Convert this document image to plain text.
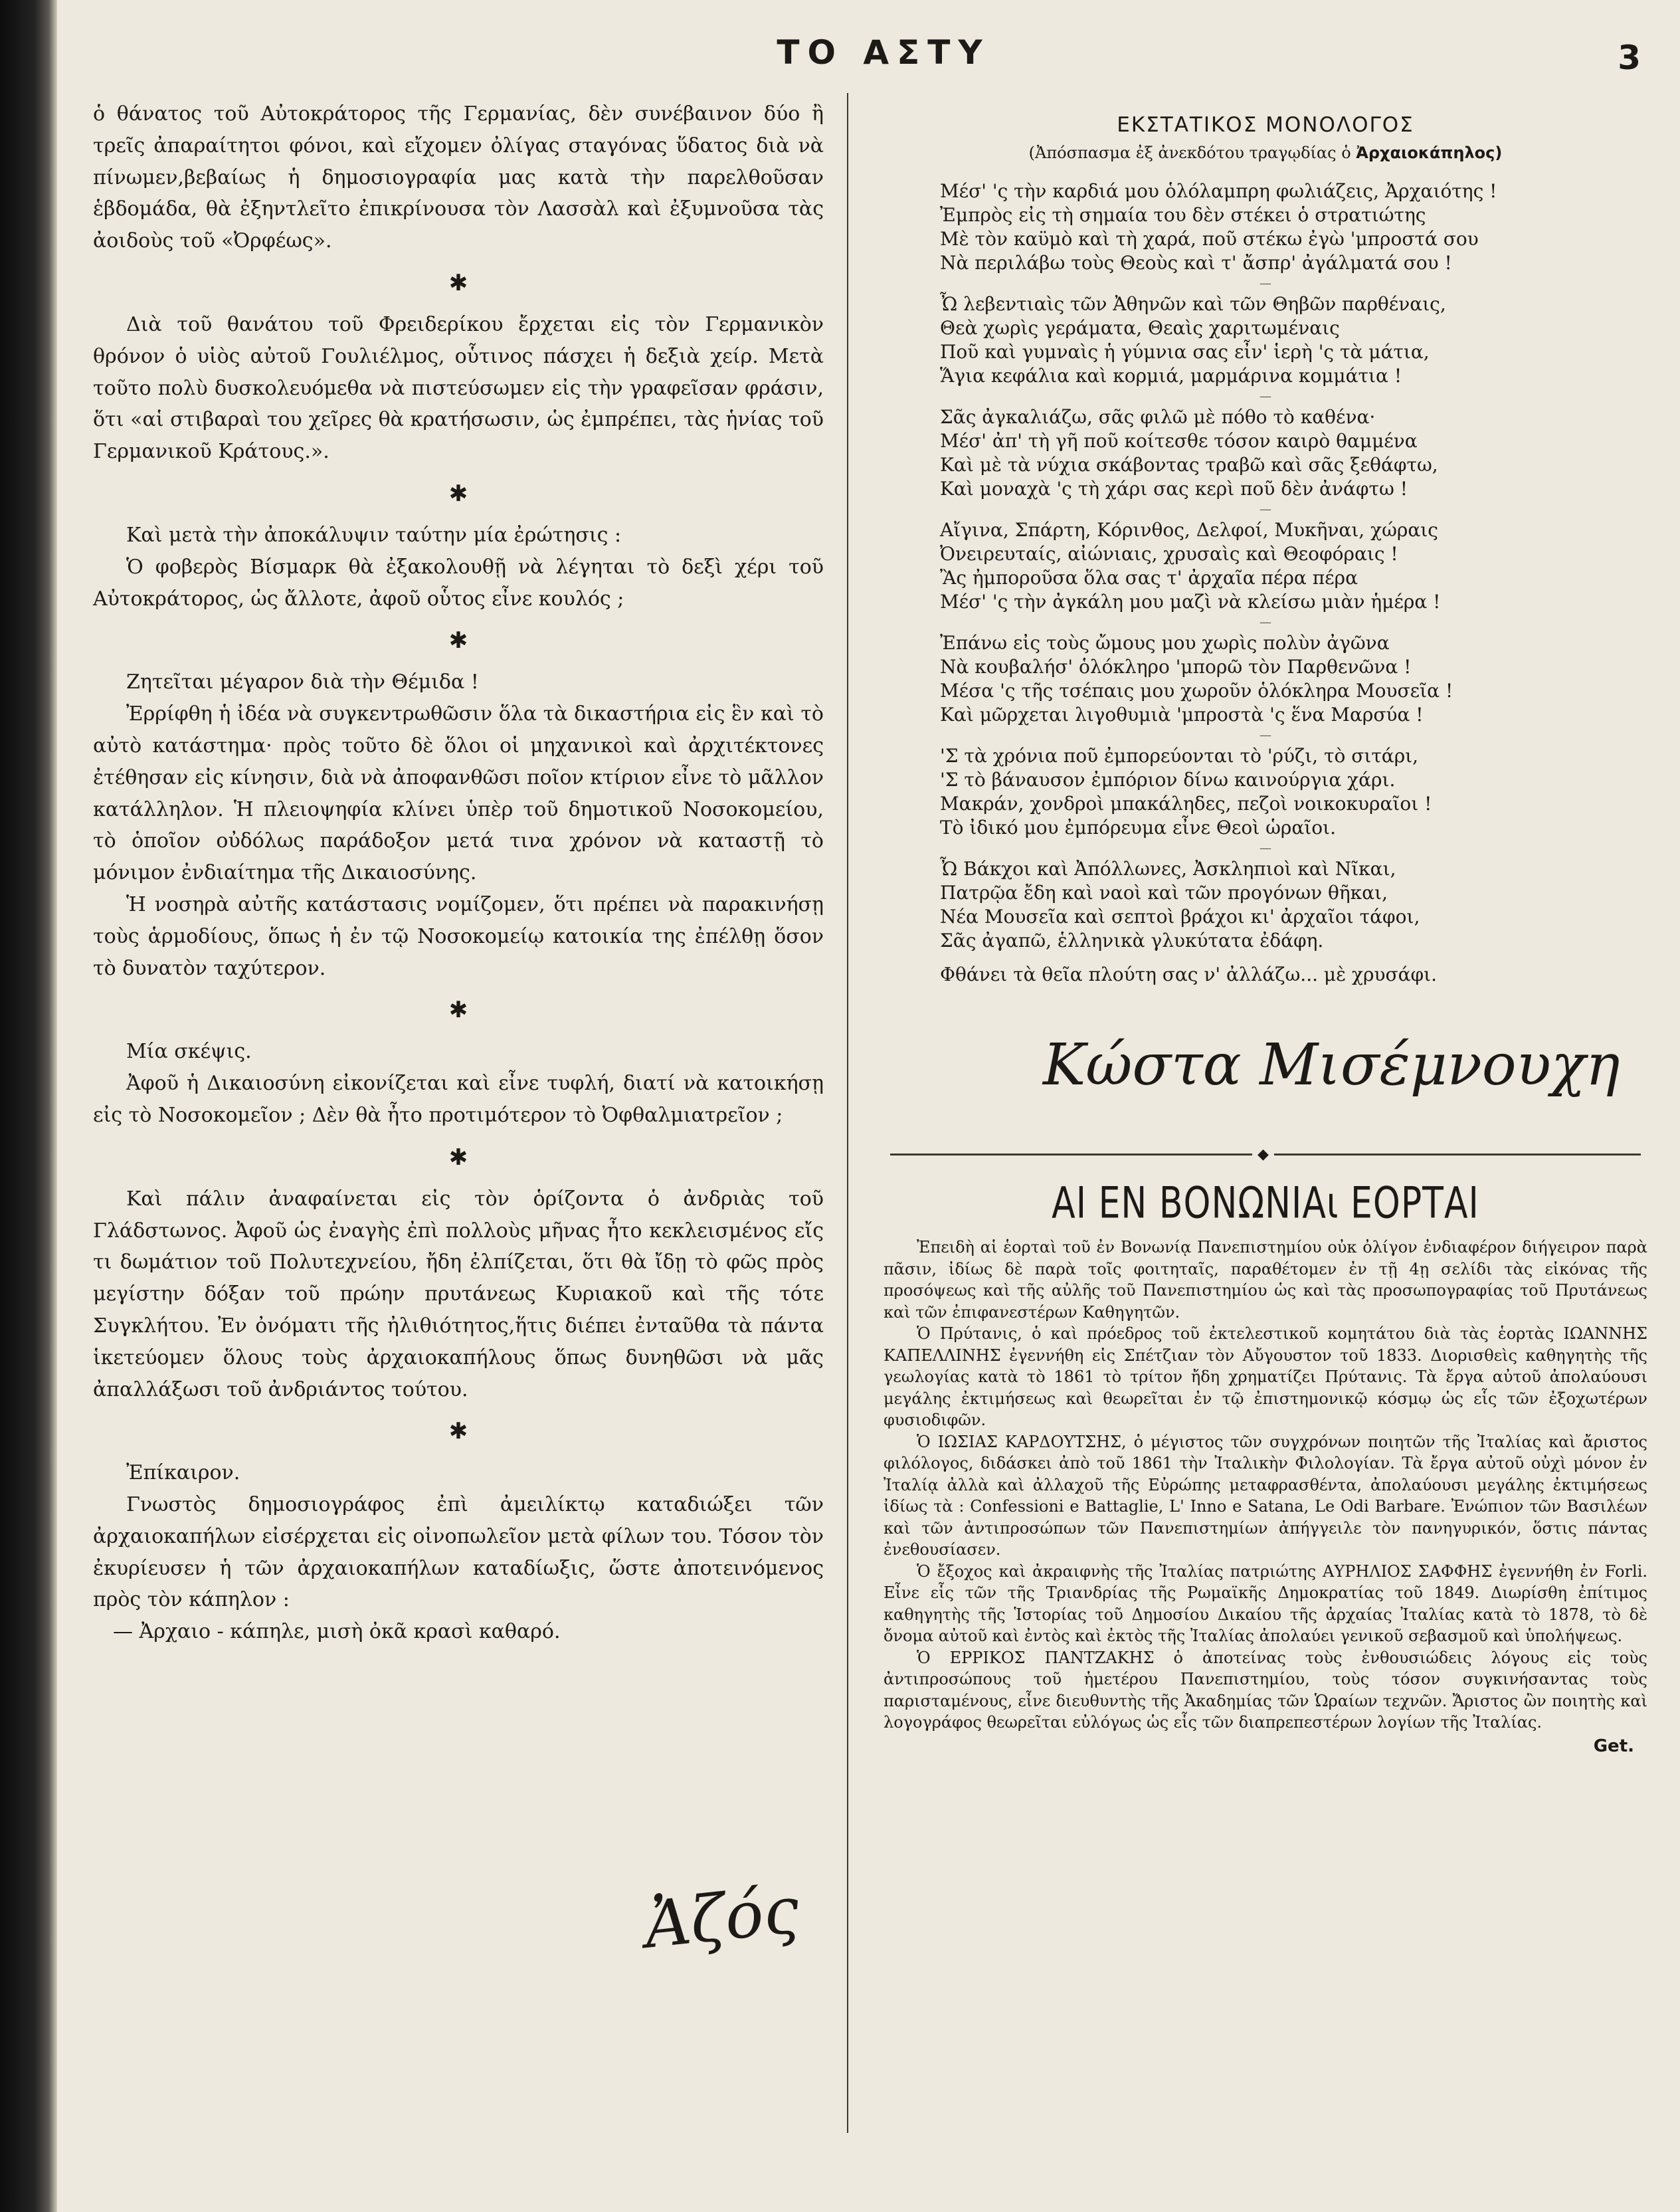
ΤΟ ΑΣΤΥ	3

ὁ θάνατος τοῦ Αὐτοκράτορος τῆς Γερμανίας, δὲν συνέβαινον δύο ἢ τρεῖς ἀπαραίτητοι φόνοι, καὶ εἴχομεν ὀλίγας σταγόνας ὕδατος διὰ νὰ πίνωμεν,βεβαίως ἡ δημοσιογραφία μας κατὰ τὴν παρελθοῦσαν ἑβδομάδα, θὰ ἐξηντλεῖτο ἐπικρίνουσα τὸν Λασσὰλ καὶ ἐξυμνοῦσα τὰς ἀοιδοὺς τοῦ «Ὀρφέως».

✱

Διὰ τοῦ θανάτου τοῦ Φρειδερίκου ἔρχεται εἰς τὸν Γερμανικὸν θρόνον ὁ υἱὸς αὐτοῦ Γουλιέλμος, οὗτινος πάσχει ἡ δεξιὰ χείρ. Μετὰ τοῦτο πολὺ δυσκολευόμεθα νὰ πιστεύσωμεν εἰς τὴν γραφεῖσαν φράσιν, ὅτι «αἱ στιβαραὶ του χεῖρες θὰ κρατήσωσιν, ὡς ἐμπρέπει, τὰς ἡνίας τοῦ Γερμανικοῦ Κράτους.».

✱

Καὶ μετὰ τὴν ἀποκάλυψιν ταύτην μία ἐρώτησις :

Ὁ φοβερὸς Βίσμαρκ θὰ ἐξακολουθῇ νὰ λέγηται τὸ δεξὶ χέρι τοῦ Αὐτοκράτορος, ὡς ἄλλοτε, ἀφοῦ οὗτος εἶνε κουλός ;

✱

Ζητεῖται μέγαρον διὰ τὴν Θέμιδα !

Ἐρρίφθη ἡ ἰδέα νὰ συγκεντρωθῶσιν ὅλα τὰ δικαστήρια εἰς ἓν καὶ τὸ αὐτὸ κατάστημα· πρὸς τοῦτο δὲ ὅλοι οἱ μηχανικοὶ καὶ ἀρχιτέκτονες ἐτέθησαν εἰς κίνησιν, διὰ νὰ ἀποφανθῶσι ποῖον κτίριον εἶνε τὸ μᾶλλον κατάλληλον. Ἡ πλειοψηφία κλίνει ὑπὲρ τοῦ δημοτικοῦ Νοσοκομείου, τὸ ὁποῖον οὐδόλως παράδοξον μετά τινα χρόνον νὰ καταστῇ τὸ μόνιμον ἐνδιαίτημα τῆς Δικαιοσύνης.

Ἡ νοσηρὰ αὐτῆς κατάστασις νομίζομεν, ὅτι πρέπει νὰ παρακινήσῃ τοὺς ἁρμοδίους, ὅπως ἡ ἐν τῷ Νοσοκομείῳ κατοικία της ἐπέλθῃ ὅσον τὸ δυνατὸν ταχύτερον.

✱

Μία σκέψις.

Ἀφοῦ ἡ Δικαιοσύνη εἰκονίζεται καὶ εἶνε τυφλή, διατί νὰ κατοικήσῃ εἰς τὸ Νοσοκομεῖον ; Δὲν θὰ ἦτο προτιμότερον τὸ Ὀφθαλμιατρεῖον ;

✱

Καὶ πάλιν ἀναφαίνεται εἰς τὸν ὁρίζοντα ὁ ἀνδριὰς τοῦ Γλάδστωνος. Ἀφοῦ ὡς ἐναγὴς ἐπὶ πολλοὺς μῆνας ἦτο κεκλεισμένος εἴς τι δωμάτιον τοῦ Πολυτεχνείου, ἤδη ἐλπίζεται, ὅτι θὰ ἴδῃ τὸ φῶς πρὸς μεγίστην δόξαν τοῦ πρώην πρυτάνεως Κυριακοῦ καὶ τῆς τότε Συγκλήτου. Ἐν ὀνόματι τῆς ἠλιθιότητος,ἥτις διέπει ἐνταῦθα τὰ πάντα ἱκετεύομεν ὅλους τοὺς ἀρχαιοκαπήλους ὅπως δυνηθῶσι νὰ μᾶς ἀπαλλάξωσι τοῦ ἀνδριάντος τούτου.

✱

Ἐπίκαιρον.

Γνωστὸς δημοσιογράφος ἐπὶ ἀμειλίκτῳ καταδιώξει τῶν ἀρχαιοκαπήλων εἰσέρχεται εἰς οἰνοπωλεῖον μετὰ φίλων του. Τόσον τὸν ἐκυρίευσεν ἡ τῶν ἀρχαιοκαπήλων καταδίωξις, ὥστε ἀποτεινόμενος πρὸς τὸν κάπηλον :

— Ἀρχαιο - κάπηλε, μισὴ ὀκᾶ κρασὶ καθαρό.

Ἀζός
ΕΚΣΤΑΤΙΚΟΣ ΜΟΝΟΛΟΓΟΣ
(Ἀπόσπασμα ἐξ ἀνεκδότου τραγῳδίας ὁ Ἀρχαιοκάπηλος)
Μέσ' 'ς τὴν καρδιά μου ὁλόλαμπρη φωλιάζεις, Ἀρχαιότης !
Ἐμπρὸς εἰς τὴ σημαία του δὲν στέκει ὁ στρατιώτης
Μὲ τὸν καϋμὸ καὶ τὴ χαρά, ποῦ στέκω ἐγὼ 'μπροστά σου
Νὰ περιλάβω τοὺς Θεοὺς καὶ τ' ἄσπρ' ἀγάλματά σου !
—
Ὦ λεβεντιαὶς τῶν Ἀθηνῶν καὶ τῶν Θηβῶν παρθέναις,
Θεὰ χωρὶς γεράματα, Θεαὶς χαριτωμέναις
Ποῦ καὶ γυμναὶς ἡ γύμνια σας εἶν' ἱερὴ 'ς τὰ μάτια,
Ἅγια κεφάλια καὶ κορμιά, μαρμάρινα κομμάτια !
—
Σᾶς ἀγκαλιάζω, σᾶς φιλῶ μὲ πόθο τὸ καθένα·
Μέσ' ἀπ' τὴ γῆ ποῦ κοίτεσθε τόσον καιρὸ θαμμένα
Καὶ μὲ τὰ νύχια σκάβοντας τραβῶ καὶ σᾶς ξεθάφτω,
Καὶ μοναχὰ 'ς τὴ χάρι σας κερὶ ποῦ δὲν ἀνάφτω !
—
Αἴγινα, Σπάρτη, Κόρινθος, Δελφοί, Μυκῆναι, χώραις
Ὀνειρευταίς, αἰώνιαις, χρυσαὶς καὶ Θεοφόραις !
Ἂς ἠμποροῦσα ὅλα σας τ' ἀρχαῖα πέρα πέρα
Μέσ' 'ς τὴν ἀγκάλη μου μαζὶ νὰ κλείσω μιὰν ἡμέρα !
—
Ἐπάνω εἰς τοὺς ὤμους μου χωρὶς πολὺν ἀγῶνα
Νὰ κουβαλήσ' ὁλόκληρο 'μπορῶ τὸν Παρθενῶνα !
Μέσα 'ς τῆς τσέπαις μου χωροῦν ὁλόκληρα Μουσεῖα !
Καὶ μῶρχεται λιγοθυμιὰ 'μπροστὰ 'ς ἕνα Μαρσύα !
—
'Σ τὰ χρόνια ποῦ ἐμπορεύονται τὸ 'ρύζι, τὸ σιτάρι,
'Σ τὸ βάναυσον ἐμπόριον δίνω καινούργια χάρι.
Μακράν, χονδροὶ μπακάληδες, πεζοὶ νοικοκυραῖοι !
Τὸ ἰδικό μου ἐμπόρευμα εἶνε Θεοὶ ὡραῖοι.
—
Ὦ Βάκχοι καὶ Ἀπόλλωνες, Ἀσκληπιοὶ καὶ Νῖκαι,
Πατρῷα ἔδη καὶ ναοὶ καὶ τῶν προγόνων θῆκαι,
Νέα Μουσεῖα καὶ σεπτοὶ βράχοι κι' ἀρχαῖοι τάφοι,
Σᾶς ἀγαπῶ, ἑλληνικὰ γλυκύτατα ἐδάφη.
Φθάνει τὰ θεῖα πλούτη σας ν' ἀλλάζω... μὲ χρυσάφι.
Κώστα Μισέμνουχη
◆
ΑΙ ΕΝ ΒΟΝΩΝΙΑι ΕΟΡΤΑΙ

Ἐπειδὴ αἱ ἑορταὶ τοῦ ἐν Βονωνίᾳ Πανεπιστημίου οὐκ ὀλίγον ἐνδιαφέρον διήγειρον παρὰ πᾶσιν, ἰδίως δὲ παρὰ τοῖς φοιτηταῖς, παραθέτομεν ἐν τῇ 4ῃ σελίδι τὰς εἰκόνας τῆς προσόψεως καὶ τῆς αὐλῆς τοῦ Πανεπιστημίου ὡς καὶ τὰς προσωπογραφίας τοῦ Πρυτάνεως καὶ τῶν ἐπιφανεστέρων Καθηγητῶν.

Ὁ Πρύτανις, ὁ καὶ πρόεδρος τοῦ ἐκτελεστικοῦ κομητάτου διὰ τὰς ἑορτὰς ΙΩΑΝΝΗΣ ΚΑΠΕΛΛΙΝΗΣ ἐγεννήθη εἰς Σπέτζιαν τὸν Αὔγουστον τοῦ 1833. Διορισθεὶς καθηγητὴς τῆς γεωλογίας κατὰ τὸ 1861 τὸ τρίτον ἤδη χρηματίζει Πρύτανις. Τὰ ἔργα αὐτοῦ ἀπολαύουσι μεγάλης ἐκτιμήσεως καὶ θεωρεῖται ἐν τῷ ἐπιστημονικῷ κόσμῳ ὡς εἷς τῶν ἐξοχωτέρων φυσιοδιφῶν.

Ὁ ΙΩΣΙΑΣ ΚΑΡΔΟΥΤΣΗΣ, ὁ μέγιστος τῶν συγχρόνων ποιητῶν τῆς Ἰταλίας καὶ ἄριστος φιλόλογος, διδάσκει ἀπὸ τοῦ 1861 τὴν Ἰταλικὴν Φιλολογίαν. Τὰ ἔργα αὐτοῦ οὐχὶ μόνον ἐν Ἰταλίᾳ ἀλλὰ καὶ ἀλλαχοῦ τῆς Εὐρώπης μεταφρασθέντα, ἀπολαύουσι μεγάλης ἐκτιμήσεως ἰδίως τὰ : Confessioni e Battaglie, L' Inno e Satana, Le Odi Barbare. Ἐνώπιον τῶν Βασιλέων καὶ τῶν ἀντιπροσώπων τῶν Πανεπιστημίων ἀπήγγειλε τὸν πανηγυρικόν, ὅστις πάντας ἐνεθουσίασεν.

Ὁ ἔξοχος καὶ ἀκραιφνὴς τῆς Ἰταλίας πατριώτης ΑΥΡΗΛΙΟΣ ΣΑΦΦΗΣ ἐγεννήθη ἐν Forli. Εἶνε εἷς τῶν τῆς Τριανδρίας τῆς Ρωμαϊκῆς Δημοκρατίας τοῦ 1849. Διωρίσθη ἐπίτιμος καθηγητὴς τῆς Ἱστορίας τοῦ Δημοσίου Δικαίου τῆς ἀρχαίας Ἰταλίας κατὰ τὸ 1878, τὸ δὲ ὄνομα αὐτοῦ καὶ ἐντὸς καὶ ἐκτὸς τῆς Ἰταλίας ἀπολαύει γενικοῦ σεβασμοῦ καὶ ὑπολήψεως.

Ὁ ΕΡΡΙΚΟΣ ΠΑΝΤΖΑΚΗΣ ὁ ἀποτείνας τοὺς ἐνθουσιώδεις λόγους εἰς τοὺς ἀντιπροσώπους τοῦ ἡμετέρου Πανεπιστημίου, τοὺς τόσον συγκινήσαντας τοὺς παρισταμένους, εἶνε διευθυντὴς τῆς Ἀκαδημίας τῶν Ὡραίων τεχνῶν. Ἄριστος ὢν ποιητὴς καὶ λογογράφος θεωρεῖται εὐλόγως ὡς εἷς τῶν διαπρεπεστέρων λογίων τῆς Ἰταλίας.

Get.
